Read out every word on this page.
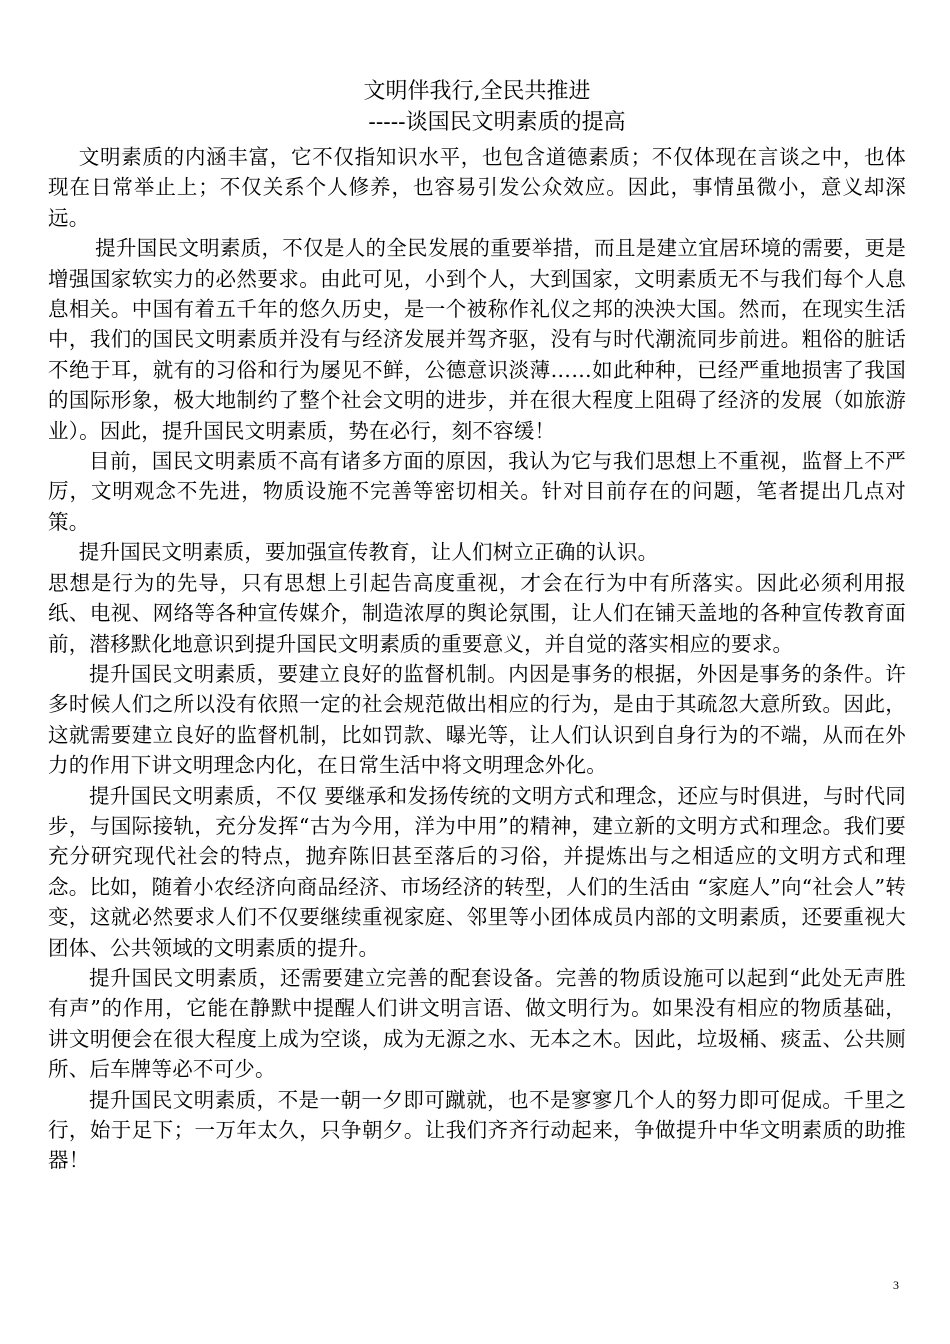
文明伴我行,全民共推进
-----谈国民文明素质的提高

文明素质的内涵丰富，它不仅指知识水平，也包含道德素质；不仅体现在言谈之中，也体现在日常举止上；不仅关系个人修养，也容易引发公众效应。因此，事情虽微小，意义却深远。

提升国民文明素质，不仅是人的全民发展的重要举措，而且是建立宜居环境的需要，更是增强国家软实力的必然要求。由此可见，小到个人，大到国家，文明素质无不与我们每个人息息相关。中国有着五千年的悠久历史，是一个被称作礼仪之邦的泱泱大国。然而，在现实生活中，我们的国民文明素质并没有与经济发展并驾齐驱，没有与时代潮流同步前进。粗俗的脏话不绝于耳，就有的习俗和行为屡见不鲜，公德意识淡薄……如此种种，已经严重地损害了我国的国际形象，极大地制约了整个社会文明的进步，并在很大程度上阻碍了经济的发展（如旅游业）。因此，提升国民文明素质，势在必行，刻不容缓！

目前，国民文明素质不高有诸多方面的原因，我认为它与我们思想上不重视，监督上不严厉，文明观念不先进，物质设施不完善等密切相关。针对目前存在的问题，笔者提出几点对策。

提升国民文明素质，要加强宣传教育，让人们树立正确的认识。

思想是行为的先导，只有思想上引起告高度重视，才会在行为中有所落实。因此必须利用报纸、电视、网络等各种宣传媒介，制造浓厚的舆论氛围，让人们在铺天盖地的各种宣传教育面前，潜移默化地意识到提升国民文明素质的重要意义，并自觉的落实相应的要求。

提升国民文明素质，要建立良好的监督机制。内因是事务的根据，外因是事务的条件。许多时候人们之所以没有依照一定的社会规范做出相应的行为，是由于其疏忽大意所致。因此，这就需要建立良好的监督机制，比如罚款、曝光等，让人们认识到自身行为的不端，从而在外力的作用下讲文明理念内化，在日常生活中将文明理念外化。

提升国民文明素质，不仅 要继承和发扬传统的文明方式和理念，还应与时俱进，与时代同步，与国际接轨，充分发挥“古为今用，洋为中用”的精神，建立新的文明方式和理念。我们要充分研究现代社会的特点，抛弃陈旧甚至落后的习俗，并提炼出与之相适应的文明方式和理念。比如，随着小农经济向商品经济、市场经济的转型，人们的生活由 “家庭人”向“社会人”转变，这就必然要求人们不仅要继续重视家庭、邻里等小团体成员内部的文明素质，还要重视大团体、公共领域的文明素质的提升。

提升国民文明素质，还需要建立完善的配套设备。完善的物质设施可以起到“此处无声胜有声”的作用，它能在静默中提醒人们讲文明言语、做文明行为。如果没有相应的物质基础，讲文明便会在很大程度上成为空谈，成为无源之水、无本之木。因此，垃圾桶、痰盂、公共厕所、后车牌等必不可少。

提升国民文明素质，不是一朝一夕即可蹴就，也不是寥寥几个人的努力即可促成。千里之行，始于足下；一万年太久，只争朝夕。让我们齐齐行动起来，争做提升中华文明素质的助推器！

3
